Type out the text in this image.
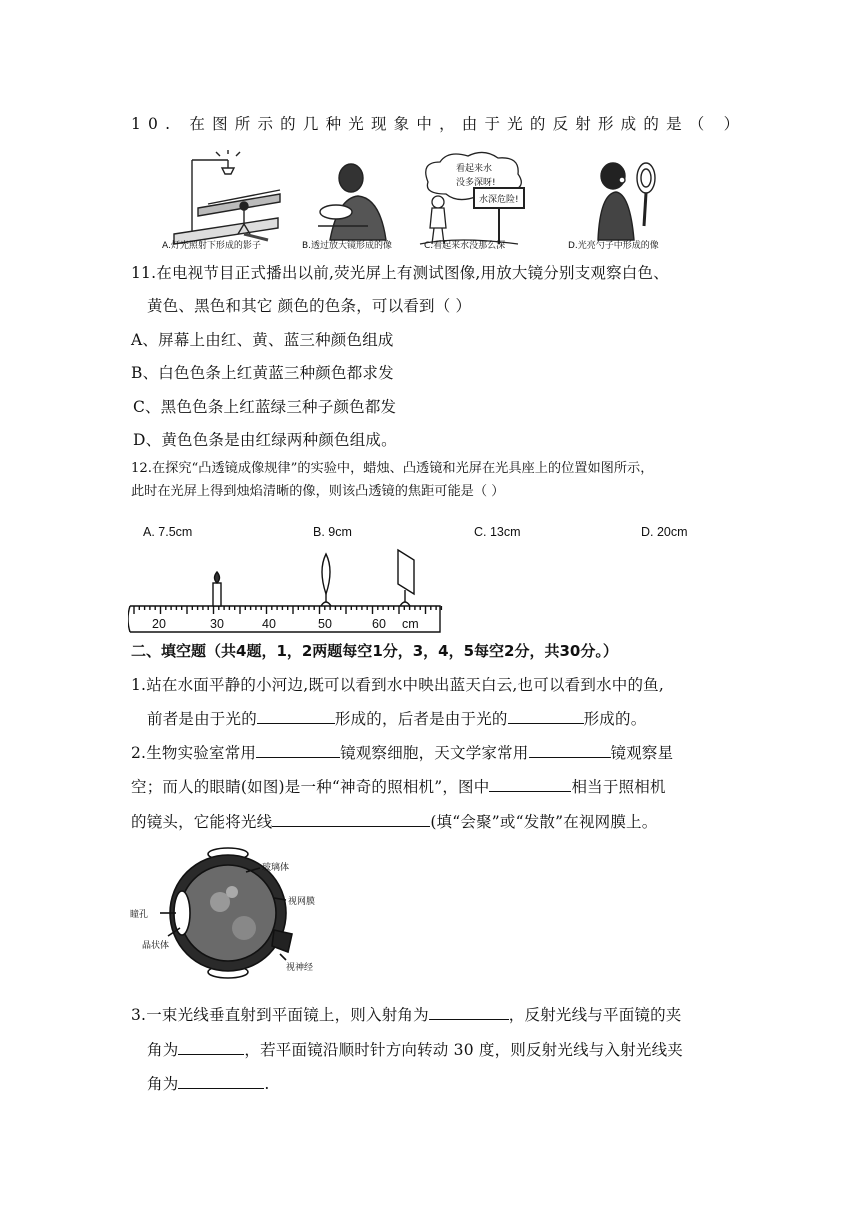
10. 在图所示的几种光现象中，由于光的反射形成的是（ ）
看起来水
没多深呀!
水深危险!
A.灯光照射下形成的影子	B.透过放大镜形成的像	C.看起来水没那么深	D.光亮勺子中形成的像
11.在电视节目正式播出以前,荧光屏上有测试图像,用放大镜分别支观察白色、
黄色、黑色和其它 颜色的色条，可以看到（ ）
A、屏幕上由红、黄、蓝三种颜色组成
B、白色色条上红黄蓝三种颜色都求发
C、黑色色条上红蓝绿三种子颜色都发
D、黄色色条是由红绿两种颜色组成。
12.在探究“凸透镜成像规律”的实验中，蜡烛、凸透镜和光屏在光具座上的位置如图所示，
此时在光屏上得到烛焰清晰的像，则该凸透镜的焦距可能是（ ）
A. 7.5cm	B. 9cm	C. 13cm	D. 20cm
20	30	40	50	60 cm
二、填空题（共4题，1，2两题每空1分，3，4，5每空2分，共30分。）
1.站在水面平静的小河边,既可以看到水中映出蓝天白云,也可以看到水中的鱼,
前者是由于光的	形成的，后者是由于光的	形成的。
2.生物实验室常用	镜观察细胞，天文学家常用	镜观察星
空；而人的眼睛(如图)是一种“神奇的照相机”，图中	相当于照相机
的镜头，它能将光线	(填“会聚”或“发散”在视网膜上。
玻璃体
视网膜
瞳孔
晶状体
视神经
3.一束光线垂直射到平面镜上，则入射角为	，反射光线与平面镜的夹
角为	，若平面镜沿顺时针方向转动 30 度，则反射光线与入射光线夹
角为	.
